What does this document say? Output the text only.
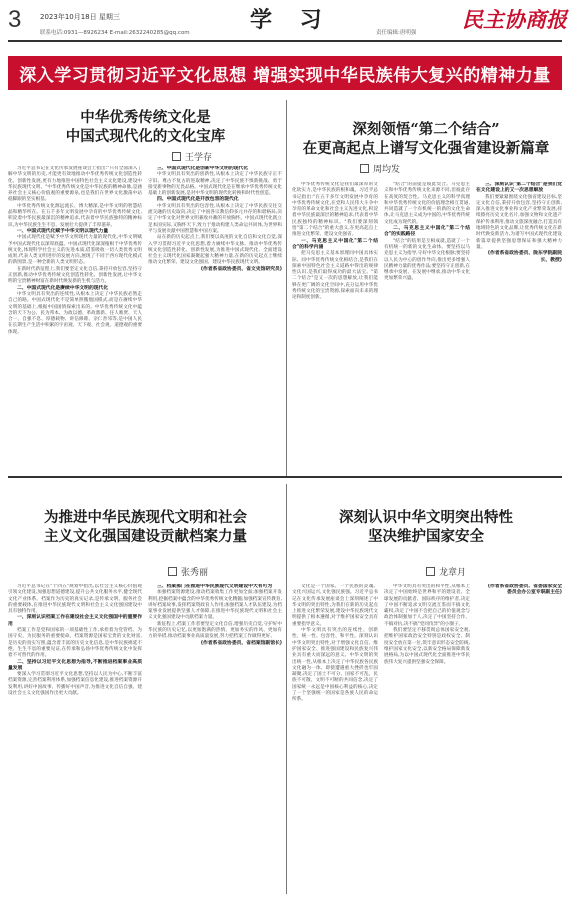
3	2023年10月18日 星期三
联系电话:0931—8926234 E-mail:2632240285@qq.com	学 习	责任编辑:唐明强
民主协商报
深入学习贯彻习近平文化思想 增强实现中华民族伟大复兴的精神力量
中华优秀传统文化是
中国式现代化的文化宝库
王学存

习近平总书记在文化传承发展座谈会上指出:"只有全面深入了解中华文明的历史,才能更有效地推动中华优秀传统文化创造性转化、创新性发展,更有力地推进中国特色社会主义文化建设,建设中华民族现代文明。"中华优秀传统文化是中华民族的精神命脉,是涵养社会主义核心价值观的重要源泉,也是我们在世界文化激荡中站稳脚跟的坚实根基。

中华优秀传统文化源远流长、博大精深,是中华文明的智慧结晶和精华所在。在五千多年文明发展中孕育的中华优秀传统文化,积淀着中华民族最深沉的精神追求,代表着中华民族独特的精神标识,为中华民族生生不息、发展壮大提供了丰厚滋养。

一、中国式现代化赋予中华文明以现代力量

中国式现代化是赋予中华文明现代力量的现代化,中华文明赋予中国式现代化以深厚底蕴。中国式现代化深深植根于中华优秀传统文化,体现科学社会主义的先进本质,借鉴吸收一切人类优秀文明成果,代表人类文明进步的发展方向,展现了不同于西方现代化模式的新图景,是一种全新的人类文明形态。

在新时代新征程上,我们要坚定文化自信,秉持开放包容,坚持守正创新,推动中华优秀传统文化创造性转化、创新性发展,让中华文明的宝贵精神财富在新时代焕发新的生机与活力。

二、中国式现代化是赓续中华文明的现代化

中华文明具有突出的连续性,从根本上决定了中华民族必然走自己的路。中国式现代化不是简单照搬他国模式,而是在赓续中华文明的基础上,根据中国国情探索出来的。中华优秀传统文化中蕴含的天下为公、民为邦本、为政以德、革故鼎新、任人唯贤、天人合一、自强不息、厚德载物、讲信修睦、亲仁善邻等,是中国人民在长期生产生活中积累的宇宙观、天下观、社会观、道德观的重要体现。

三、中国式现代化是创新中华文明的现代化

中华文明具有突出的创新性,从根本上决定了中华民族守正不守旧、尊古不复古的进取精神,决定了中华民族不惧新挑战、勇于接受新事物的无畏品格。中国式现代化是在继承中华优秀传统文化基础上的创新发展,是对中华文明的现代化转换和时代性创造。

四、中国式现代化是开放包容的现代化

中华文明具有突出的包容性,从根本上决定了中华民族交往交流交融的历史取向,决定了中国各宗教信仰多元并存的和谐格局,决定了中华文化对世界文明兼收并蓄的开放胸怀。中国式现代化既立足本国实际,又胸怀天下,致力于推动构建人类命运共同体,为世界和平与发展贡献中国智慧和中国方案。

站在新的历史起点上,我们要以高度的文化自信和文化自觉,深入学习贯彻习近平文化思想,着力赓续中华文脉、推动中华优秀传统文化创造性转化、创新性发展,为推进中国式现代化、全面建设社会主义现代化国家凝聚起强大精神力量,在新的历史起点上继续推动文化繁荣、建设文化强国、建设中华民族现代文明。

(作者系省政协委员、省文史馆研究员)

深刻领悟“第二个结合”
在更高起点上谱写文化强省建设新篇章
周均发

中华优秀传统文化是我们最深厚的文化软实力,是中华民族的根和魂。习近平总书记指出:"在五千多年文明发展中孕育的中华优秀传统文化,在党和人民伟大斗争中孕育的革命文化和社会主义先进文化,积淀着中华民族最深层的精神追求,代表着中华民族独特的精神标识。"我们要深刻领悟"第二个结合"的重大意义,在更高起点上推进文化繁荣、建设文化强省。

一、马克思主义中国化"第二个结合"的科学内涵

把马克思主义基本原理同中国具体实际、同中华优秀传统文化相结合,是我们在探索中国特色社会主义道路中得出的规律性认识,是我们取得成功的最大法宝。"第二个结合"是又一次的思想解放,让我们能够在更广阔的文化空间中,充分运用中华优秀传统文化的宝贵资源,探索面向未来的理论和制度创新。

"结合"的前提是彼此契合。马克思主义和中华优秀传统文化来源不同,但彼此存在高度的契合性。马克思主义的科学真理和中华优秀传统文化的价值理念相互贯通,共同造就了一个有机统一的新的文化生命体,让马克思主义成为中国的,中华优秀传统文化成为现代的。

二、马克思主义中国化"第二个结合"的实践路径

"结合"的结果是互相成就,造就了一个有机统一的新的文化生命体。要坚持以马克思主义为指导,守好中华文化根脉;要坚持以人民为中心的创作导向,推出更多增强人民精神力量的优秀作品;要坚持守正创新,在继承中发展、在发展中继承,推动中华文化更加繁荣兴盛。

三、深刻认识"第二个结合"是我们党在文化建设上的又一次思想解放

我们要紧紧围绕文化强省建设目标,坚定文化自信,秉持开放包容,坚持守正创新,深入推进文化事业和文化产业繁荣发展,持续擦亮历史文化名片,加强文物和文化遗产保护传承利用,推动文旅深度融合,打造具有地域特色的文化品牌,让优秀传统文化在新时代焕发新活力,为谱写中国式现代化建设新篇章提供坚强思想保证和强大精神力量。

(作者系省政协委员、陇东学院副院长、教授)

为推进中华民族现代文明和社会
主义文化强国建设贡献档案力量
张秀丽

习近平总书记在"十四五"规划中指出,以社会主义核心价值观引领文化建设,加强思想道德建设,提升公共文化服务水平,健全现代文化产业体系。档案作为历史的真实记录,是传承文明、服务社会的重要载体,在推进中华民族现代文明和社会主义文化强国建设中具有独特作用。

一、深刻认识档案工作在建设社会主义文化强国中的重要作用

档案工作是党和国家的一项基础性工作,承担着为党管档、为国守史、为民服务的重要使命。档案资源是国家宝贵的文化财富,是历史的真实写照,蕴含着丰富的历史文化信息,是中华民族绵延不绝、生生不息的重要见证,在传承和弘扬中华优秀传统文化中发挥着不可替代的作用。

二、坚持以习近平文化思想为指导,不断推进档案事业高质量发展

要深入学习贯彻习近平文化思想,坚持以人民为中心,不断丰富档案资源,完善档案利用体系,加强档案信息化建设,推进档案资源开发利用,讲好中国故事、传播好中国声音,为推进文化自信自强、建设社会主义文化强国作出更大贡献。

三、档案部门在推进中华民族现代文明建设中大有可为

加强档案资源建设,推动档案收集工作更加全面;加强档案开发利用,挖掘档案中蕴含的中华优秀传统文化精髓;加强档案宣传教育,讲好档案故事,发挥档案资政育人作用;加强档案人才队伍建设,为档案事业发展提供坚强人才保障,在推进中华民族现代文明和社会主义文化强国建设中贡献档案力量。

新征程上,档案工作者要坚定文化自信,增强历史自觉,守护好中华民族的历史记忆,以更加饱满的热情、更加务实的作风、更加有力的举措,推动档案事业高质量发展,努力把档案工作做得更好。

(作者系省政协委员、省档案馆副馆长)

深刻认识中华文明突出特性
坚决维护国家安全
龙章月

文化是一个国家、一个民族的灵魂。文化兴国运兴,文化强民族强。习近平总书记在文化传承发展座谈会上深刻阐述了中华文明的突出特性,为我们在新的历史起点上推进文化繁荣发展,建设中华民族现代文明提供了根本遵循,对于维护国家安全具有重要指导意义。

中华文明具有突出的连续性、创新性、统一性、包容性、和平性。深刻认识中华文明突出特性,对于增强文化自信、维护国家安全、推进强国建设和民族复兴伟业具有重大而深远的意义。中华文明的突出统一性,从根本上决定了中华民族各民族文化融为一体、即使遭遇重大挫折也牢固凝聚,决定了国土不可分、国家不可乱、民族不可散、文明不可断的共同信念,决定了国家统一永远是中国核心利益的核心,决定了一个坚强统一的国家是各族人民的命运所系。

中华文明具有突出的和平性,从根本上决定了中国始终是世界和平的建设者、全球发展的贡献者、国际秩序的维护者,决定了中国不断追求文明交流互鉴而不搞文化霸权,决定了中国不会把自己的价值观念与政治体制强加于人,决定了中国坚持合作、不搞对抗,决不搞"党同伐异"的小圈子。

我们要坚定不移贯彻总体国家安全观,把维护国家政治安全特别是政权安全、制度安全放在第一位,筑牢意识形态安全防线,维护国家文化安全,以新安全格局保障新发展格局,为以中国式现代化全面推进中华民族伟大复兴提供坚强安全保障。

(作者系省政协委员、省委国家安全委员会办公室专职副主任)
